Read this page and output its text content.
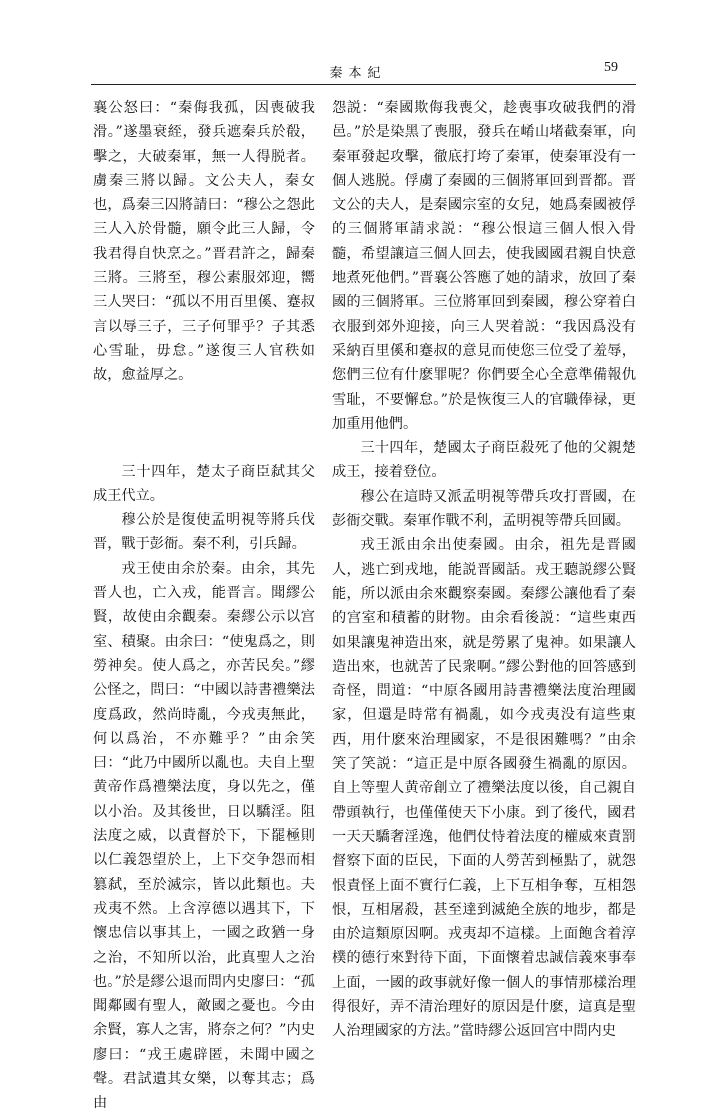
秦本紀	59

襄公怒曰：“秦侮我孤，因喪破我滑。”遂墨衰絰，發兵遮秦兵於殽，擊之，大破秦軍，無一人得脱者。虜秦三將以歸。文公夫人，秦女也，爲秦三囚將請曰：“穆公之怨此三人入於骨髓，願令此三人歸，令我君得自快烹之。”晋君許之，歸秦三將。三將至，穆公素服郊迎，嚮三人哭曰：“孤以不用百里傒、蹇叔言以辱三子，三子何罪乎？子其悉心雪耻，毋怠。”遂復三人官秩如故，愈益厚之。

三十四年，楚太子商臣弑其父成王代立。

穆公於是復使孟明視等將兵伐晋，戰于彭衙。秦不利，引兵歸。

戎王使由余於秦。由余，其先晋人也，亡入戎，能晋言。聞繆公賢，故使由余觀秦。秦繆公示以宫室、積聚。由余曰：“使鬼爲之，則勞神矣。使人爲之，亦苦民矣。”繆公怪之，問曰：“中國以詩書禮樂法度爲政，然尚時亂，今戎夷無此，何以爲治，不亦難乎？”由余笑曰：“此乃中國所以亂也。夫自上聖黄帝作爲禮樂法度，身以先之，僅以小治。及其後世，日以驕淫。阻法度之威，以責督於下，下罷極則以仁義怨望於上，上下交争怨而相篡弑，至於滅宗，皆以此類也。夫戎夷不然。上含淳德以遇其下，下懷忠信以事其上，一國之政猶一身之治，不知所以治，此真聖人之治也。”於是繆公退而問内史廖曰：“孤聞鄰國有聖人，敵國之憂也。今由余賢，寡人之害，將奈之何？”内史廖曰：“戎王處辟匿，未聞中國之聲。君試遺其女樂，以奪其志；爲由

怨説：“秦國欺侮我喪父，趁喪事攻破我們的滑邑。”於是染黑了喪服，發兵在崤山堵截秦軍，向秦軍發起攻擊，徹底打垮了秦軍，使秦軍没有一個人逃脱。俘虜了秦國的三個將軍回到晋都。晋文公的夫人，是秦國宗室的女兒，她爲秦國被俘的三個將軍請求説：“穆公恨這三個人恨入骨髓，希望讓這三個人回去，使我國國君親自快意地煮死他們。”晋襄公答應了她的請求，放回了秦國的三個將軍。三位將軍回到秦國，穆公穿着白衣服到郊外迎接，向三人哭着説：“我因爲没有采納百里傒和蹇叔的意見而使您三位受了羞辱，您們三位有什麽罪呢？你們要全心全意準備報仇雪耻，不要懈怠。”於是恢復三人的官職俸禄，更加重用他們。

三十四年，楚國太子商臣殺死了他的父親楚成王，接着登位。

穆公在這時又派孟明視等帶兵攻打晋國，在彭衙交戰。秦軍作戰不利，孟明視等帶兵回國。

戎王派由余出使秦國。由余，祖先是晋國人，逃亡到戎地，能説晋國話。戎王聽説繆公賢能，所以派由余來觀察秦國。秦繆公讓他看了秦的宫室和積蓄的財物。由余看後説：“這些東西如果讓鬼神造出來，就是勞累了鬼神。如果讓人造出來，也就苦了民衆啊。”繆公對他的回答感到奇怪，問道：“中原各國用詩書禮樂法度治理國家，但還是時常有禍亂，如今戎夷没有這些東西，用什麽來治理國家，不是很困難嗎？”由余笑了笑説：“這正是中原各國發生禍亂的原因。自上等聖人黄帝創立了禮樂法度以後，自己親自帶頭執行，也僅僅使天下小康。到了後代，國君一天天驕奢淫逸，他們仗恃着法度的權威來責罰督察下面的臣民，下面的人勞苦到極點了，就怨恨責怪上面不實行仁義，上下互相争奪，互相怨恨，互相屠殺，甚至達到滅絶全族的地步，都是由於這類原因啊。戎夷却不這樣。上面飽含着淳樸的德行來對待下面，下面懷着忠誠信義來事奉上面，一國的政事就好像一個人的事情那樣治理得很好，弄不清治理好的原因是什麽，這真是聖人治理國家的方法。”當時繆公返回宫中問内史
